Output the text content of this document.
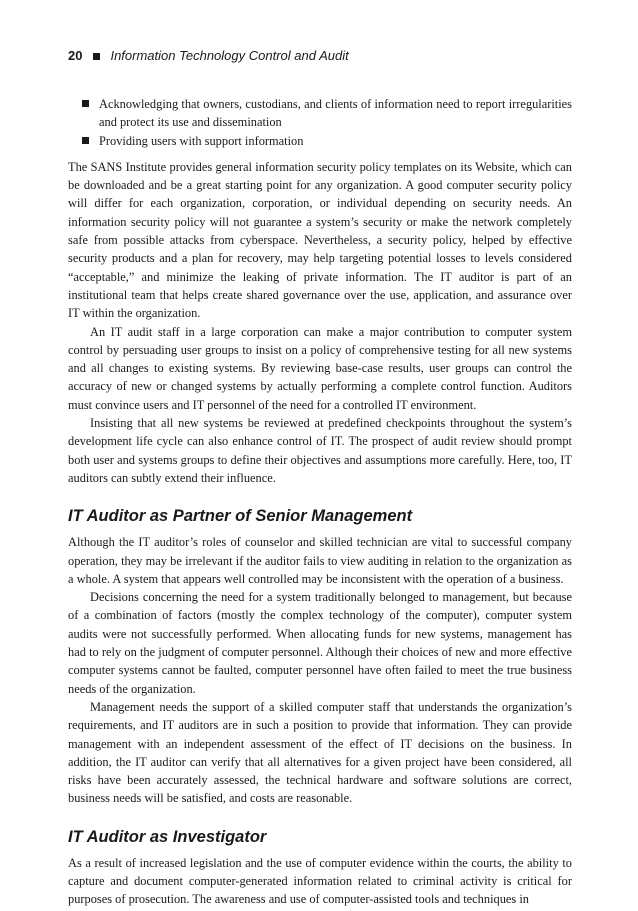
20 Information Technology Control and Audit
Acknowledging that owners, custodians, and clients of information need to report irregularities and protect its use and dissemination
Providing users with support information

The SANS Institute provides general information security policy templates on its Website, which can be downloaded and be a great starting point for any organization. A good computer security policy will differ for each organization, corporation, or individual depending on security needs. An information security policy will not guarantee a system’s security or make the network completely safe from possible attacks from cyberspace. Nevertheless, a security policy, helped by effective security products and a plan for recovery, may help targeting potential losses to levels considered “acceptable,” and minimize the leaking of private information. The IT auditor is part of an institutional team that helps create shared governance over the use, application, and assurance over IT within the organization.

An IT audit staff in a large corporation can make a major contribution to computer system control by persuading user groups to insist on a policy of comprehensive testing for all new systems and all changes to existing systems. By reviewing base-case results, user groups can control the accuracy of new or changed systems by actually performing a complete control function. Auditors must convince users and IT personnel of the need for a controlled IT environment.

Insisting that all new systems be reviewed at predefined checkpoints throughout the system’s development life cycle can also enhance control of IT. The prospect of audit review should prompt both user and systems groups to define their objectives and assumptions more carefully. Here, too, IT auditors can subtly extend their influence.

IT Auditor as Partner of Senior Management

Although the IT auditor’s roles of counselor and skilled technician are vital to successful company operation, they may be irrelevant if the auditor fails to view auditing in relation to the organization as a whole. A system that appears well controlled may be inconsistent with the operation of a business.

Decisions concerning the need for a system traditionally belonged to management, but because of a combination of factors (mostly the complex technology of the computer), computer system audits were not successfully performed. When allocating funds for new systems, management has had to rely on the judgment of computer personnel. Although their choices of new and more effective computer systems cannot be faulted, computer personnel have often failed to meet the true business needs of the organization.

Management needs the support of a skilled computer staff that understands the organization’s requirements, and IT auditors are in such a position to provide that information. They can provide management with an independent assessment of the effect of IT decisions on the business. In addition, the IT auditor can verify that all alternatives for a given project have been considered, all risks have been accurately assessed, the technical hardware and software solutions are correct, business needs will be satisfied, and costs are reasonable.

IT Auditor as Investigator

As a result of increased legislation and the use of computer evidence within the courts, the ability to capture and document computer-generated information related to criminal activity is critical for purposes of prosecution. The awareness and use of computer-assisted tools and techniques in
